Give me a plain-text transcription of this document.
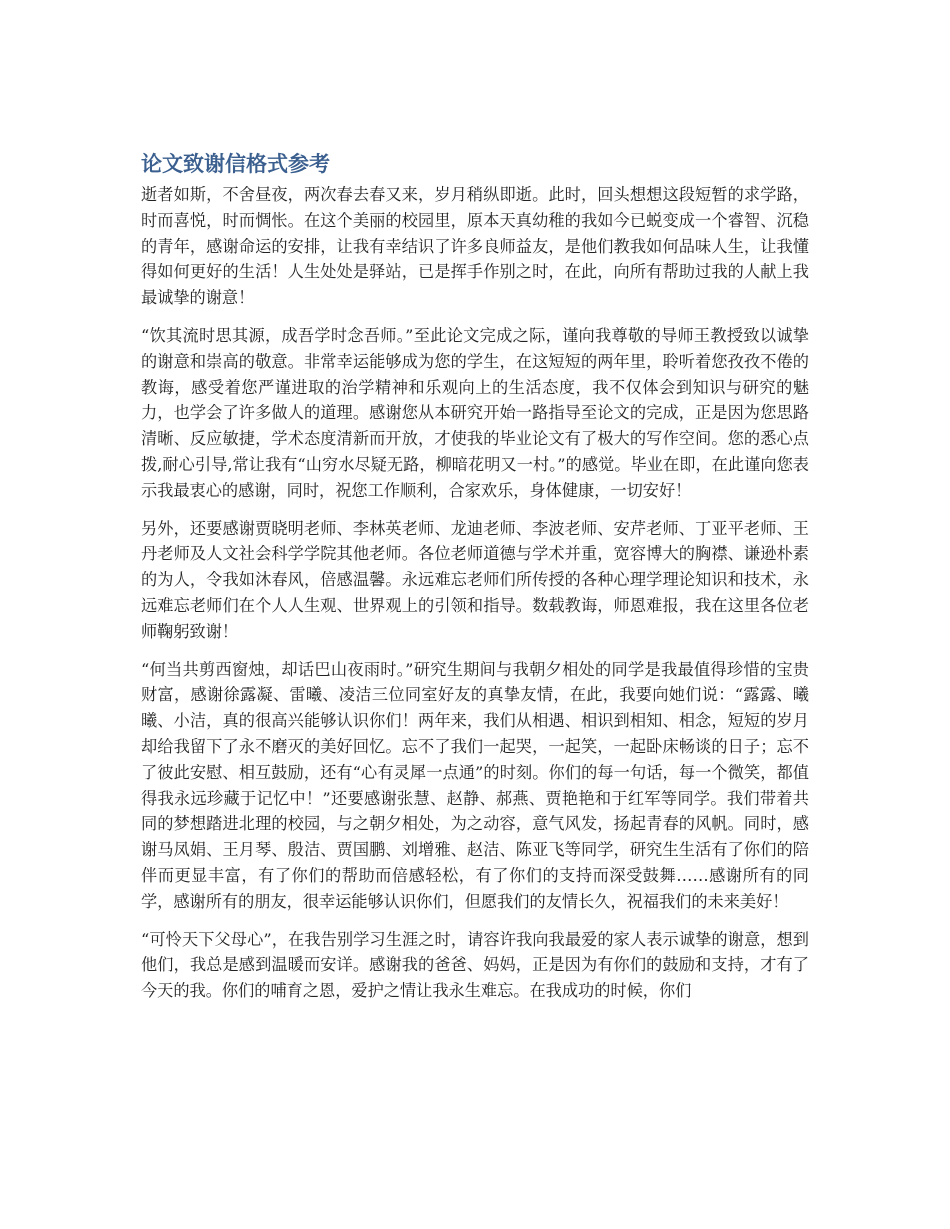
论文致谢信格式参考

逝者如斯，不舍昼夜，两次春去春又来，岁月稍纵即逝。此时，回头想想这段短暂的求学路，时而喜悦，时而惆怅。在这个美丽的校园里，原本天真幼稚的我如今已蜕变成一个睿智、沉稳的青年，感谢命运的安排，让我有幸结识了许多良师益友，是他们教我如何品味人生，让我懂得如何更好的生活！人生处处是驿站，已是挥手作别之时，在此，向所有帮助过我的人献上我最诚挚的谢意！

“饮其流时思其源，成吾学时念吾师。”至此论文完成之际，谨向我尊敬的导师王教授致以诚挚的谢意和崇高的敬意。非常幸运能够成为您的学生，在这短短的两年里，聆听着您孜孜不倦的教诲，感受着您严谨进取的治学精神和乐观向上的生活态度，我不仅体会到知识与研究的魅力，也学会了许多做人的道理。感谢您从本研究开始一路指导至论文的完成，正是因为您思路清晰、反应敏捷，学术态度清新而开放，才使我的毕业论文有了极大的写作空间。您的悉心点拨,耐心引导,常让我有“山穷水尽疑无路，柳暗花明又一村。”的感觉。毕业在即，在此谨向您表示我最衷心的感谢，同时，祝您工作顺利，合家欢乐，身体健康，一切安好！

另外，还要感谢贾晓明老师、李林英老师、龙迪老师、李波老师、安芹老师、丁亚平老师、王丹老师及人文社会科学学院其他老师。各位老师道德与学术并重，宽容博大的胸襟、谦逊朴素的为人，令我如沐春风，倍感温馨。永远难忘老师们所传授的各种心理学理论知识和技术，永远难忘老师们在个人人生观、世界观上的引领和指导。数载教诲，师恩难报，我在这里各位老师鞠躬致谢！

“何当共剪西窗烛，却话巴山夜雨时。”研究生期间与我朝夕相处的同学是我最值得珍惜的宝贵财富，感谢徐露凝、雷曦、凌洁三位同室好友的真挚友情，在此，我要向她们说：“露露、曦曦、小洁，真的很高兴能够认识你们！两年来，我们从相遇、相识到相知、相念，短短的岁月却给我留下了永不磨灭的美好回忆。忘不了我们一起哭，一起笑，一起卧床畅谈的日子；忘不了彼此安慰、相互鼓励，还有“心有灵犀一点通”的时刻。你们的每一句话，每一个微笑，都值得我永远珍藏于记忆中！”还要感谢张慧、赵静、郝燕、贾艳艳和于红军等同学。我们带着共同的梦想踏进北理的校园，与之朝夕相处，为之动容，意气风发，扬起青春的风帆。同时，感谢马凤娟、王月琴、殷洁、贾国鹏、刘增雅、赵洁、陈亚飞等同学，研究生生活有了你们的陪伴而更显丰富，有了你们的帮助而倍感轻松，有了你们的支持而深受鼓舞……感谢所有的同学，感谢所有的朋友，很幸运能够认识你们，但愿我们的友情长久，祝福我们的未来美好！

“可怜天下父母心”，在我告别学习生涯之时，请容许我向我最爱的家人表示诚挚的谢意，想到他们，我总是感到温暖而安详。感谢我的爸爸、妈妈，正是因为有你们的鼓励和支持，才有了今天的我。你们的哺育之恩，爱护之情让我永生难忘。在我成功的时候，你们
